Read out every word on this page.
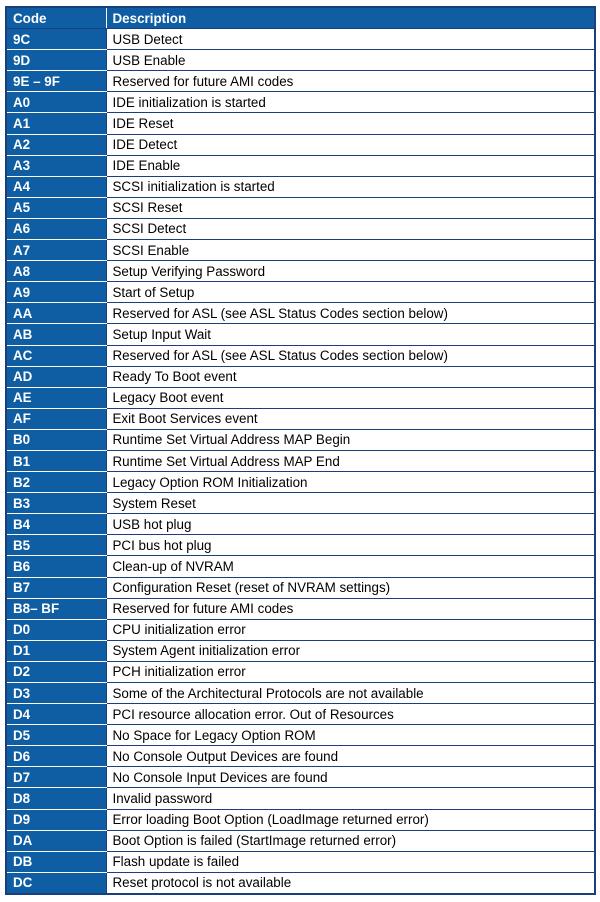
Code	Description
9C	USB Detect
9D	USB Enable
9E – 9F	Reserved for future AMI codes
A0	IDE initialization is started
A1	IDE Reset
A2	IDE Detect
A3	IDE Enable
A4	SCSI initialization is started
A5	SCSI Reset
A6	SCSI Detect
A7	SCSI Enable
A8	Setup Verifying Password
A9	Start of Setup
AA	Reserved for ASL (see ASL Status Codes section below)
AB	Setup Input Wait
AC	Reserved for ASL (see ASL Status Codes section below)
AD	Ready To Boot event
AE	Legacy Boot event
AF	Exit Boot Services event
B0	Runtime Set Virtual Address MAP Begin
B1	Runtime Set Virtual Address MAP End
B2	Legacy Option ROM Initialization
B3	System Reset
B4	USB hot plug
B5	PCI bus hot plug
B6	Clean-up of NVRAM
B7	Configuration Reset (reset of NVRAM settings)
B8– BF	Reserved for future AMI codes
D0	CPU initialization error
D1	System Agent initialization error
D2	PCH initialization error
D3	Some of the Architectural Protocols are not available
D4	PCI resource allocation error. Out of Resources
D5	No Space for Legacy Option ROM
D6	No Console Output Devices are found
D7	No Console Input Devices are found
D8	Invalid password
D9	Error loading Boot Option (LoadImage returned error)
DA	Boot Option is failed (StartImage returned error)
DB	Flash update is failed
DC	Reset protocol is not available
